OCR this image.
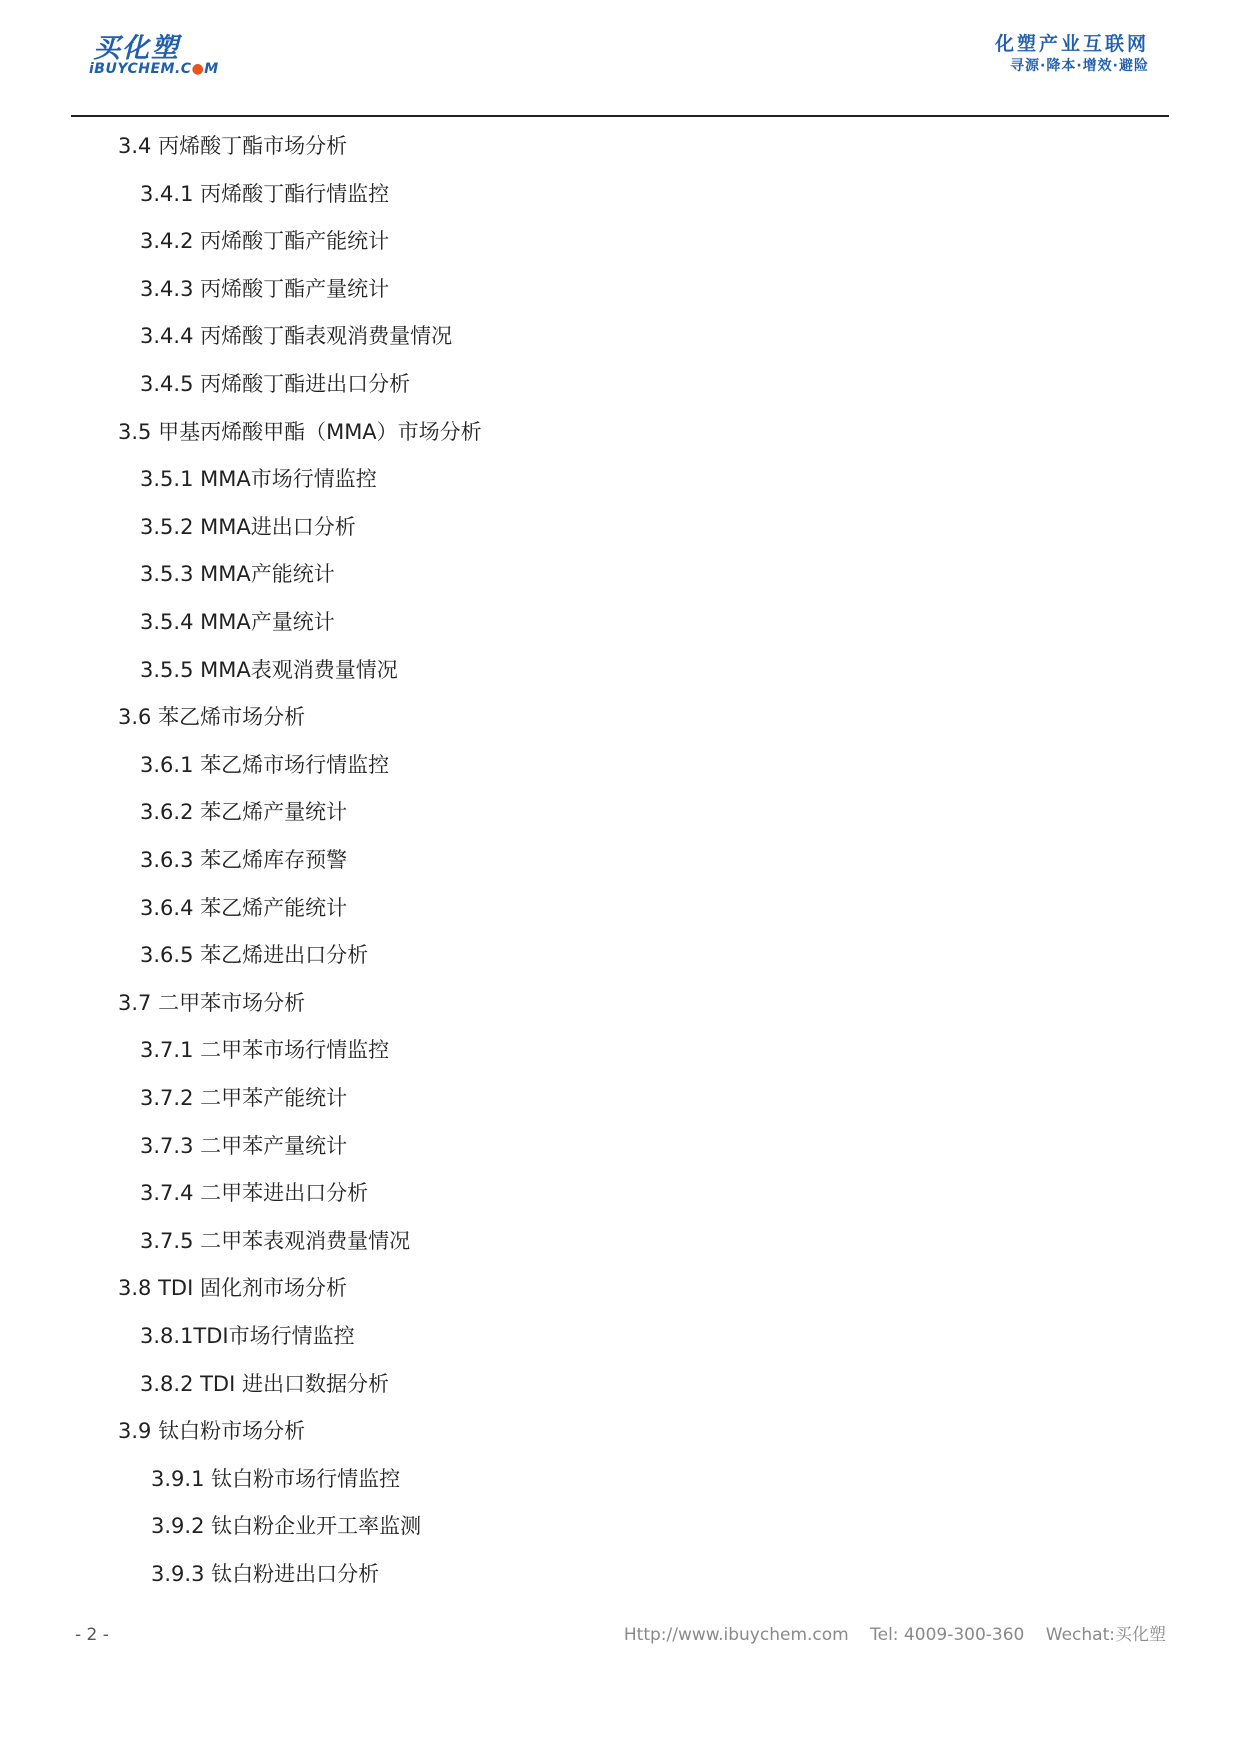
买化塑
iBUYCHEM.C●M
化塑产业互联网
寻源·降本·增效·避险
3.4 丙烯酸丁酯市场分析
3.4.1 丙烯酸丁酯行情监控
3.4.2 丙烯酸丁酯产能统计
3.4.3 丙烯酸丁酯产量统计
3.4.4 丙烯酸丁酯表观消费量情况
3.4.5 丙烯酸丁酯进出口分析
3.5 甲基丙烯酸甲酯（MMA）市场分析
3.5.1 MMA市场行情监控
3.5.2 MMA进出口分析
3.5.3 MMA产能统计
3.5.4 MMA产量统计
3.5.5 MMA表观消费量情况
3.6 苯乙烯市场分析
3.6.1 苯乙烯市场行情监控
3.6.2 苯乙烯产量统计
3.6.3 苯乙烯库存预警
3.6.4 苯乙烯产能统计
3.6.5 苯乙烯进出口分析
3.7 二甲苯市场分析
3.7.1 二甲苯市场行情监控
3.7.2 二甲苯产能统计
3.7.3 二甲苯产量统计
3.7.4 二甲苯进出口分析
3.7.5 二甲苯表观消费量情况
3.8 TDI 固化剂市场分析
3.8.1TDI市场行情监控
3.8.2 TDI 进出口数据分析
3.9 钛白粉市场分析
3.9.1 钛白粉市场行情监控
3.9.2 钛白粉企业开工率监测
3.9.3 钛白粉进出口分析
- 2 -	Http://www.ibuychem.com Tel: 4009-300-360 Wechat:买化塑
